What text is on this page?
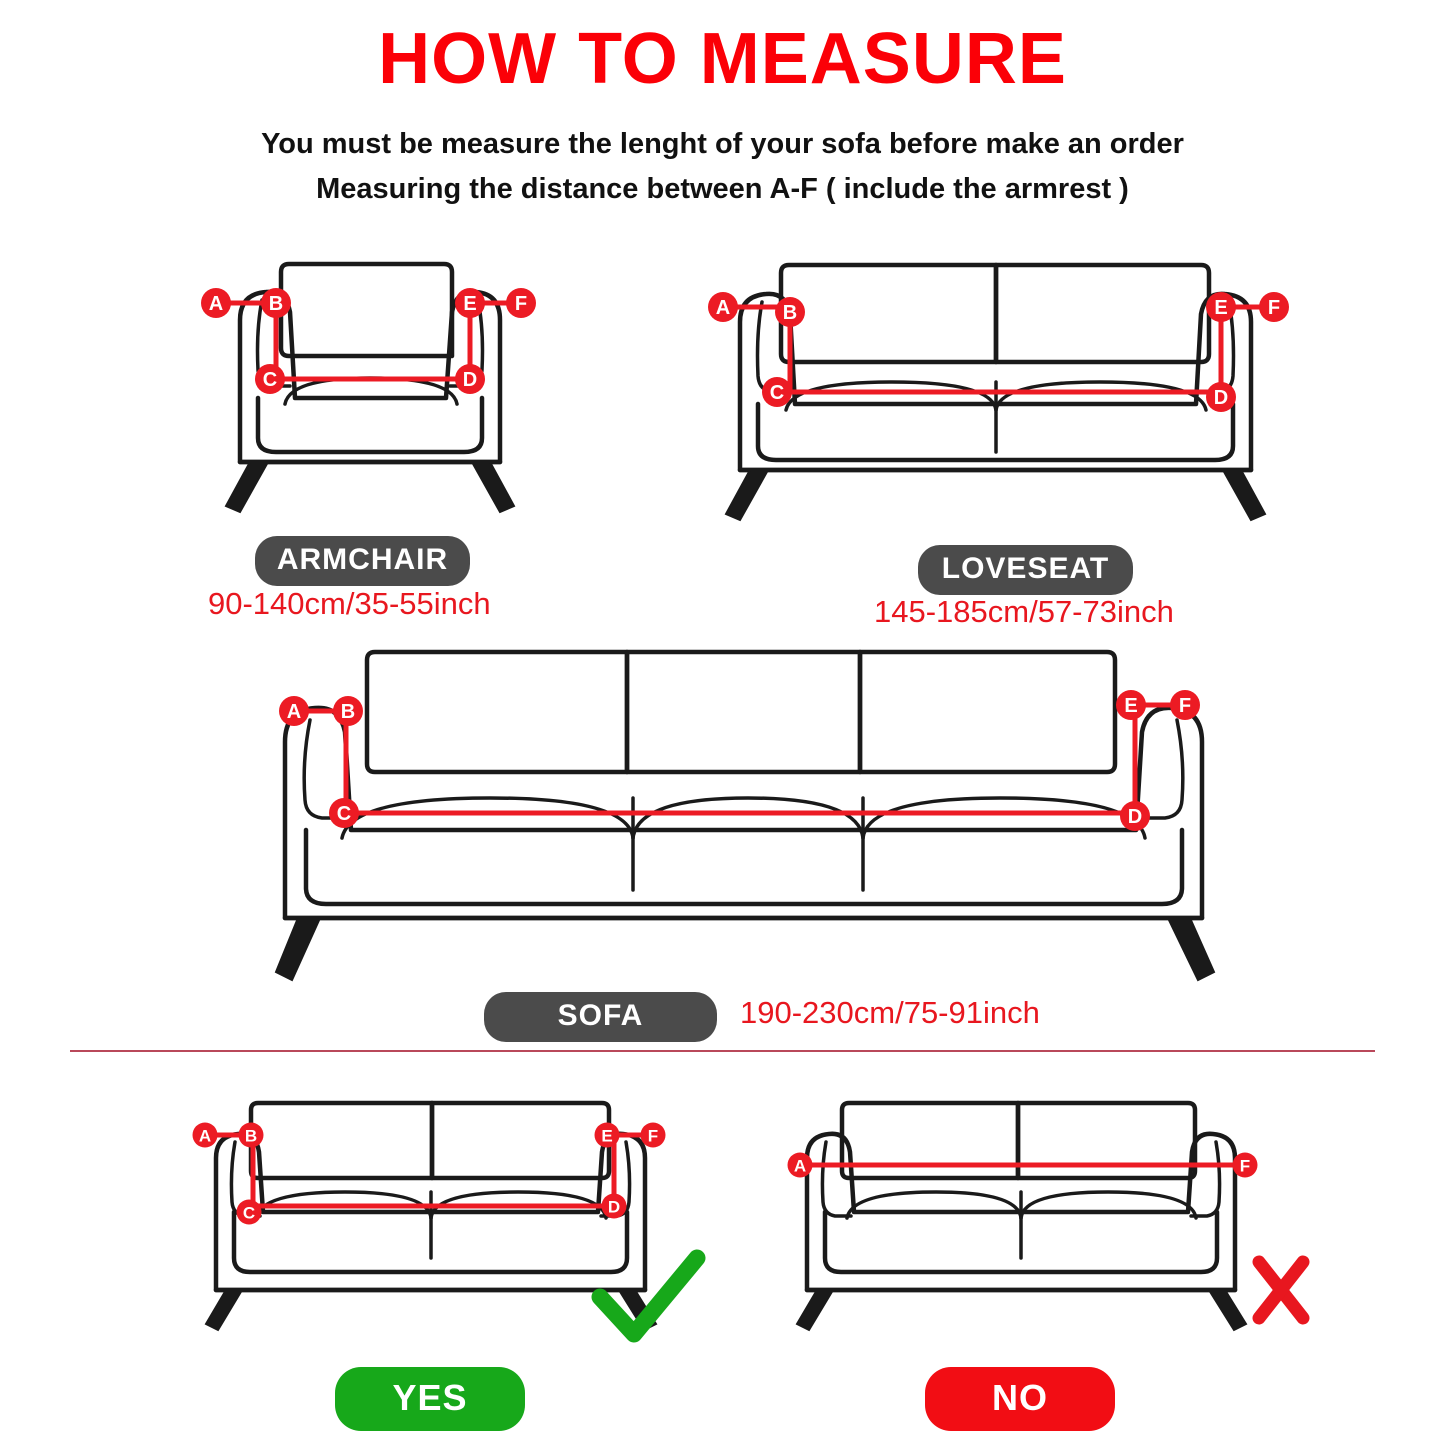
HOW TO MEASURE
You must be measure the lenght of your sofa before make an order
Measuring the distance between A-F ( include the armrest )
A B
C	D
E F	A	B
C	D
E F
A B
C	D
E F
A B
C	D
E F
A	F
ARMCHAIR
90-140cm/35-55inch
LOVESEAT
145-185cm/57-73inch
SOFA	190-230cm/75-91inch
YES	NO
